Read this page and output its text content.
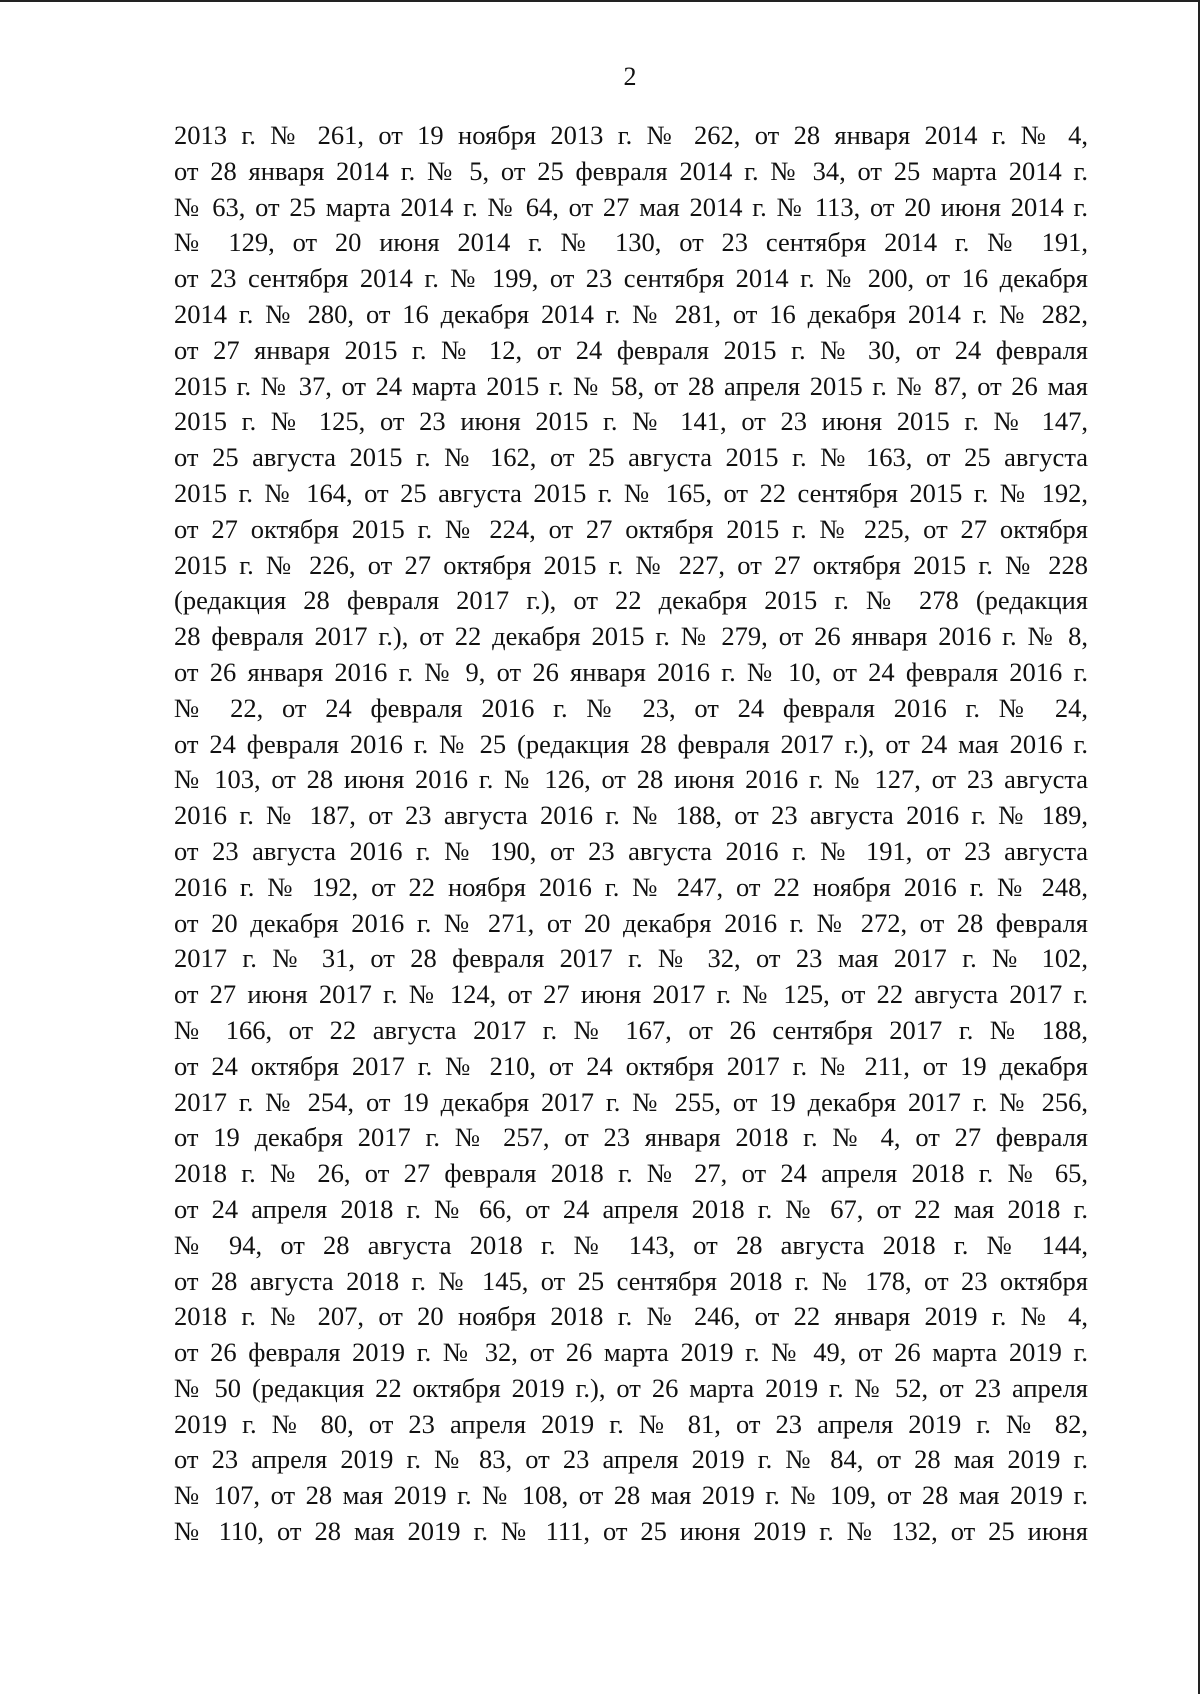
2
2013 г. № 261, от 19 ноября 2013 г. № 262, от 28 января 2014 г. № 4,
от 28 января 2014 г. № 5, от 25 февраля 2014 г. № 34, от 25 марта 2014 г.
№ 63, от 25 марта 2014 г. № 64, от 27 мая 2014 г. № 113, от 20 июня 2014 г.
№ 129, от 20 июня 2014 г. № 130, от 23 сентября 2014 г. № 191,
от 23 сентября 2014 г. № 199, от 23 сентября 2014 г. № 200, от 16 декабря
2014 г. № 280, от 16 декабря 2014 г. № 281, от 16 декабря 2014 г. № 282,
от 27 января 2015 г. № 12, от 24 февраля 2015 г. № 30, от 24 февраля
2015 г. № 37, от 24 марта 2015 г. № 58, от 28 апреля 2015 г. № 87, от 26 мая
2015 г. № 125, от 23 июня 2015 г. № 141, от 23 июня 2015 г. № 147,
от 25 августа 2015 г. № 162, от 25 августа 2015 г. № 163, от 25 августа
2015 г. № 164, от 25 августа 2015 г. № 165, от 22 сентября 2015 г. № 192,
от 27 октября 2015 г. № 224, от 27 октября 2015 г. № 225, от 27 октября
2015 г. № 226, от 27 октября 2015 г. № 227, от 27 октября 2015 г. № 228
(редакция 28 февраля 2017 г.), от 22 декабря 2015 г. № 278 (редакция
28 февраля 2017 г.), от 22 декабря 2015 г. № 279, от 26 января 2016 г. № 8,
от 26 января 2016 г. № 9, от 26 января 2016 г. № 10, от 24 февраля 2016 г.
№ 22, от 24 февраля 2016 г. № 23, от 24 февраля 2016 г. № 24,
от 24 февраля 2016 г. № 25 (редакция 28 февраля 2017 г.), от 24 мая 2016 г.
№ 103, от 28 июня 2016 г. № 126, от 28 июня 2016 г. № 127, от 23 августа
2016 г. № 187, от 23 августа 2016 г. № 188, от 23 августа 2016 г. № 189,
от 23 августа 2016 г. № 190, от 23 августа 2016 г. № 191, от 23 августа
2016 г. № 192, от 22 ноября 2016 г. № 247, от 22 ноября 2016 г. № 248,
от 20 декабря 2016 г. № 271, от 20 декабря 2016 г. № 272, от 28 февраля
2017 г. № 31, от 28 февраля 2017 г. № 32, от 23 мая 2017 г. № 102,
от 27 июня 2017 г. № 124, от 27 июня 2017 г. № 125, от 22 августа 2017 г.
№ 166, от 22 августа 2017 г. № 167, от 26 сентября 2017 г. № 188,
от 24 октября 2017 г. № 210, от 24 октября 2017 г. № 211, от 19 декабря
2017 г. № 254, от 19 декабря 2017 г. № 255, от 19 декабря 2017 г. № 256,
от 19 декабря 2017 г. № 257, от 23 января 2018 г. № 4, от 27 февраля
2018 г. № 26, от 27 февраля 2018 г. № 27, от 24 апреля 2018 г. № 65,
от 24 апреля 2018 г. № 66, от 24 апреля 2018 г. № 67, от 22 мая 2018 г.
№ 94, от 28 августа 2018 г. № 143, от 28 августа 2018 г. № 144,
от 28 августа 2018 г. № 145, от 25 сентября 2018 г. № 178, от 23 октября
2018 г. № 207, от 20 ноября 2018 г. № 246, от 22 января 2019 г. № 4,
от 26 февраля 2019 г. № 32, от 26 марта 2019 г. № 49, от 26 марта 2019 г.
№ 50 (редакция 22 октября 2019 г.), от 26 марта 2019 г. № 52, от 23 апреля
2019 г. № 80, от 23 апреля 2019 г. № 81, от 23 апреля 2019 г. № 82,
от 23 апреля 2019 г. № 83, от 23 апреля 2019 г. № 84, от 28 мая 2019 г.
№ 107, от 28 мая 2019 г. № 108, от 28 мая 2019 г. № 109, от 28 мая 2019 г.
№ 110, от 28 мая 2019 г. № 111, от 25 июня 2019 г. № 132, от 25 июня
